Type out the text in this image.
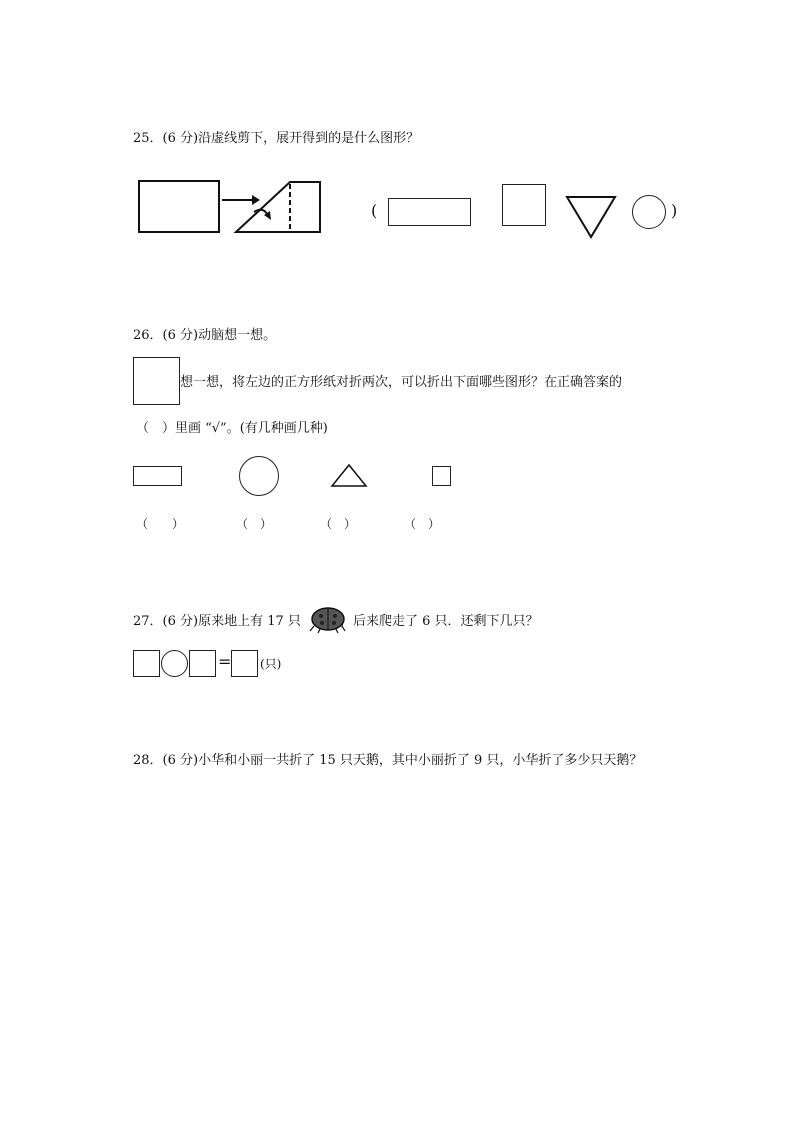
25．(6 分)沿虚线剪下，展开得到的是什么图形？
(	)
26．(6 分)动脑想一想。
想一想，将左边的正方形纸对折两次，可以折出下面哪些图形？在正确答案的
（　）里画 “√”。(有几种画几种)
（　　）	（　）	（　）	（　）
27．(6 分)原来地上有 17 只	，后来爬走了 6 只．还剩下几只？
= (只)
28．(6 分)小华和小丽一共折了 15 只天鹅，其中小丽折了 9 只，小华折了多少只天鹅？
